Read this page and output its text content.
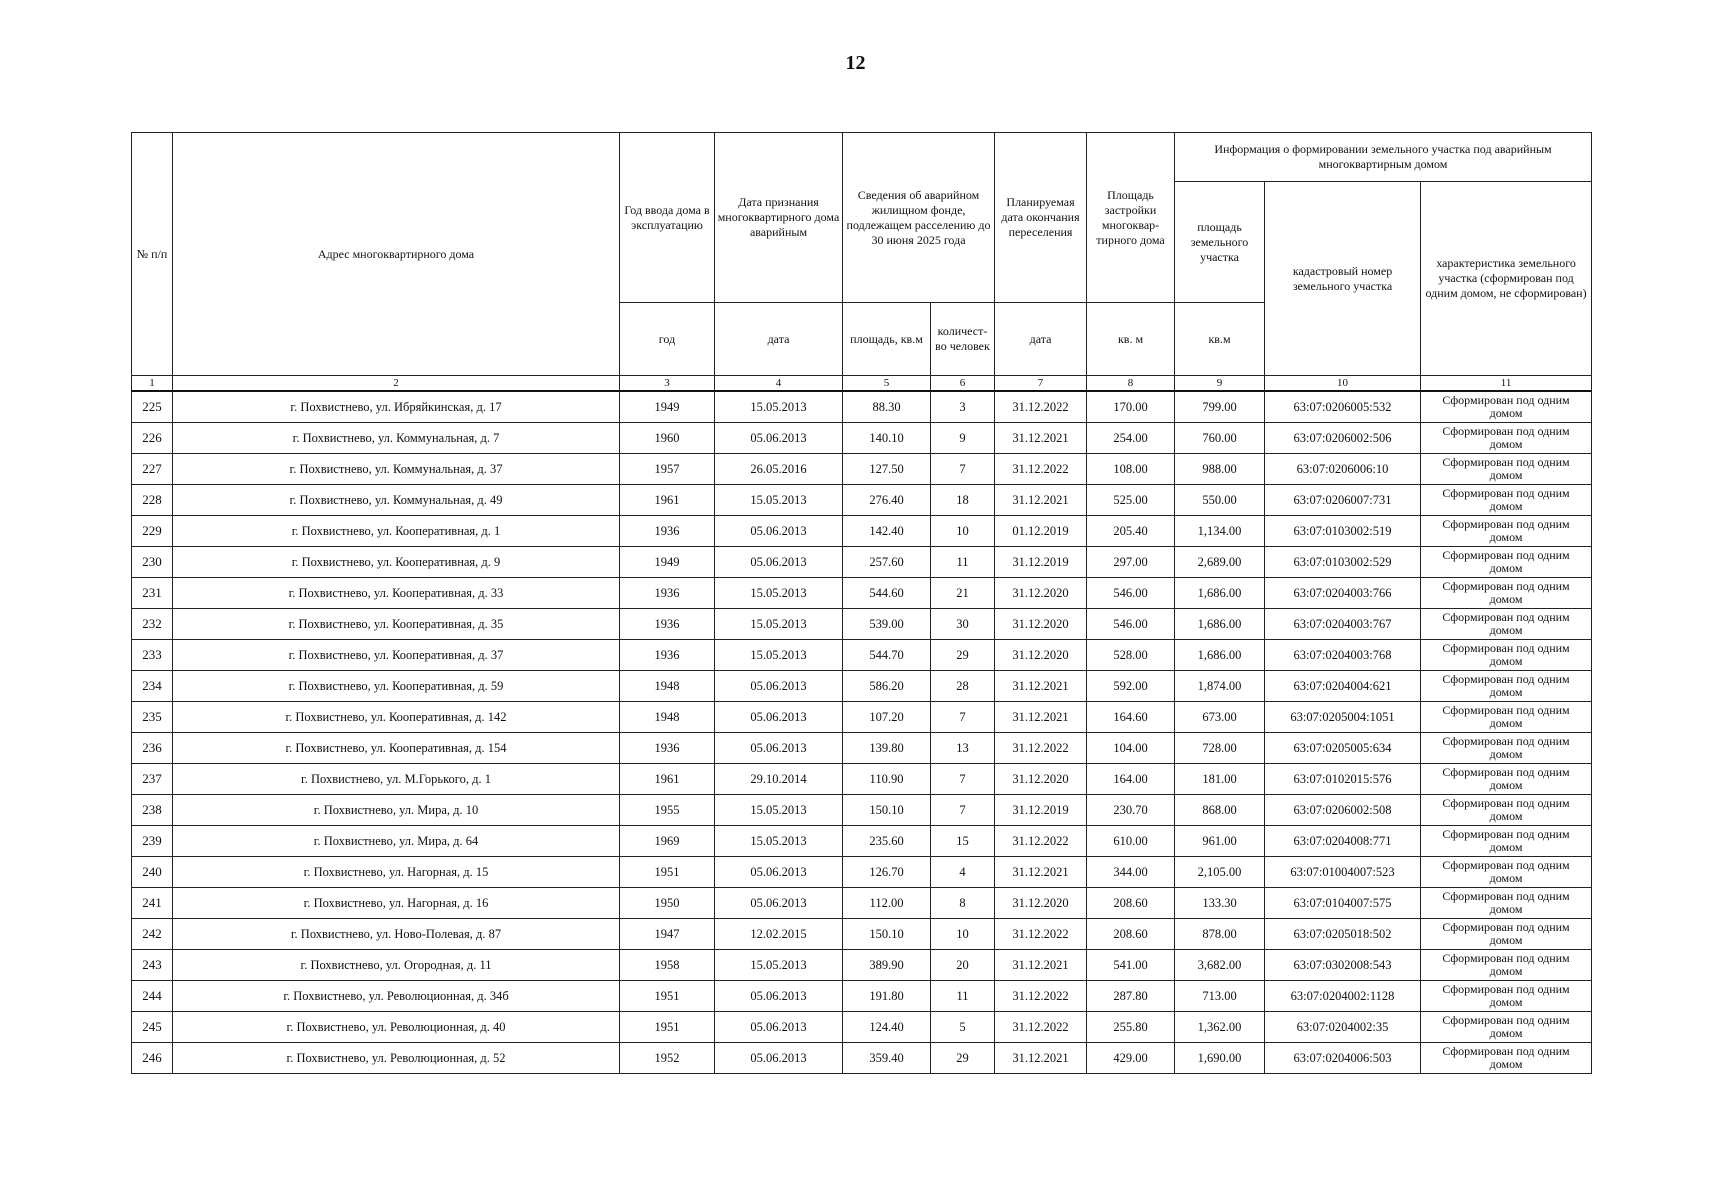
12
№ п/п	Адрес многоквартирного дома	Год ввода дома в эксплуатацию	Дата признания многоквартирного дома аварийным	Сведения об аварийном жилищном фонде, подлежащем расселению до 30 июня 2025 года		Планируемая дата окончания переселения	Площадь застройки многоквар-тирного дома	Информация о формировании земельного участка под аварийным многоквартирным домом		
								площадь земельного участка	кадастровый номер земельного участка	характеристика земельного участка (сформирован под одним домом, не сформирован)
		год	дата	площадь, кв.м	количест-во человек	дата	кв. м	кв.м		
1	2	3	4	5	6	7	8	9	10	11
225	г. Похвистнево, ул. Ибряйкинская, д. 17	1949	15.05.2013	88.30	3	31.12.2022	170.00	799.00	63:07:0206005:532	Сформирован под одним
домом

226	г. Похвистнево, ул. Коммунальная, д. 7	1960	05.06.2013	140.10	9	31.12.2021	254.00	760.00	63:07:0206002:506	Сформирован под одним
домом

227	г. Похвистнево, ул. Коммунальная, д. 37	1957	26.05.2016	127.50	7	31.12.2022	108.00	988.00	63:07:0206006:10	Сформирован под одним
домом

228	г. Похвистнево, ул. Коммунальная, д. 49	1961	15.05.2013	276.40	18	31.12.2021	525.00	550.00	63:07:0206007:731	Сформирован под одним
домом

229	г. Похвистнево, ул. Кооперативная, д. 1	1936	05.06.2013	142.40	10	01.12.2019	205.40	1,134.00	63:07:0103002:519	Сформирован под одним
домом

230	г. Похвистнево, ул. Кооперативная, д. 9	1949	05.06.2013	257.60	11	31.12.2019	297.00	2,689.00	63:07:0103002:529	Сформирован под одним
домом

231	г. Похвистнево, ул. Кооперативная, д. 33	1936	15.05.2013	544.60	21	31.12.2020	546.00	1,686.00	63:07:0204003:766	Сформирован под одним
домом

232	г. Похвистнево, ул. Кооперативная, д. 35	1936	15.05.2013	539.00	30	31.12.2020	546.00	1,686.00	63:07:0204003:767	Сформирован под одним
домом

233	г. Похвистнево, ул. Кооперативная, д. 37	1936	15.05.2013	544.70	29	31.12.2020	528.00	1,686.00	63:07:0204003:768	Сформирован под одним
домом

234	г. Похвистнево, ул. Кооперативная, д. 59	1948	05.06.2013	586.20	28	31.12.2021	592.00	1,874.00	63:07:0204004:621	Сформирован под одним
домом

235	г. Похвистнево, ул. Кооперативная, д. 142	1948	05.06.2013	107.20	7	31.12.2021	164.60	673.00	63:07:0205004:1051	Сформирован под одним
домом

236	г. Похвистнево, ул. Кооперативная, д. 154	1936	05.06.2013	139.80	13	31.12.2022	104.00	728.00	63:07:0205005:634	Сформирован под одним
домом

237	г. Похвистнево, ул. М.Горького, д. 1	1961	29.10.2014	110.90	7	31.12.2020	164.00	181.00	63:07:0102015:576	Сформирован под одним
домом

238	г. Похвистнево, ул. Мира, д. 10	1955	15.05.2013	150.10	7	31.12.2019	230.70	868.00	63:07:0206002:508	Сформирован под одним
домом

239	г. Похвистнево, ул. Мира, д. 64	1969	15.05.2013	235.60	15	31.12.2022	610.00	961.00	63:07:0204008:771	Сформирован под одним
домом

240	г. Похвистнево, ул. Нагорная, д. 15	1951	05.06.2013	126.70	4	31.12.2021	344.00	2,105.00	63:07:01004007:523	Сформирован под одним
домом

241	г. Похвистнево, ул. Нагорная, д. 16	1950	05.06.2013	112.00	8	31.12.2020	208.60	133.30	63:07:0104007:575	Сформирован под одним
домом

242	г. Похвистнево, ул. Ново-Полевая, д. 87	1947	12.02.2015	150.10	10	31.12.2022	208.60	878.00	63:07:0205018:502	Сформирован под одним
домом

243	г. Похвистнево, ул. Огородная, д. 11	1958	15.05.2013	389.90	20	31.12.2021	541.00	3,682.00	63:07:0302008:543	Сформирован под одним
домом

244	г. Похвистнево, ул. Революционная, д. 34б	1951	05.06.2013	191.80	11	31.12.2022	287.80	713.00	63:07:0204002:1128	Сформирован под одним
домом

245	г. Похвистнево, ул. Революционная, д. 40	1951	05.06.2013	124.40	5	31.12.2022	255.80	1,362.00	63:07:0204002:35	Сформирован под одним
домом

246	г. Похвистнево, ул. Революционная, д. 52	1952	05.06.2013	359.40	29	31.12.2021	429.00	1,690.00	63:07:0204006:503	Сформирован под одним
домом
